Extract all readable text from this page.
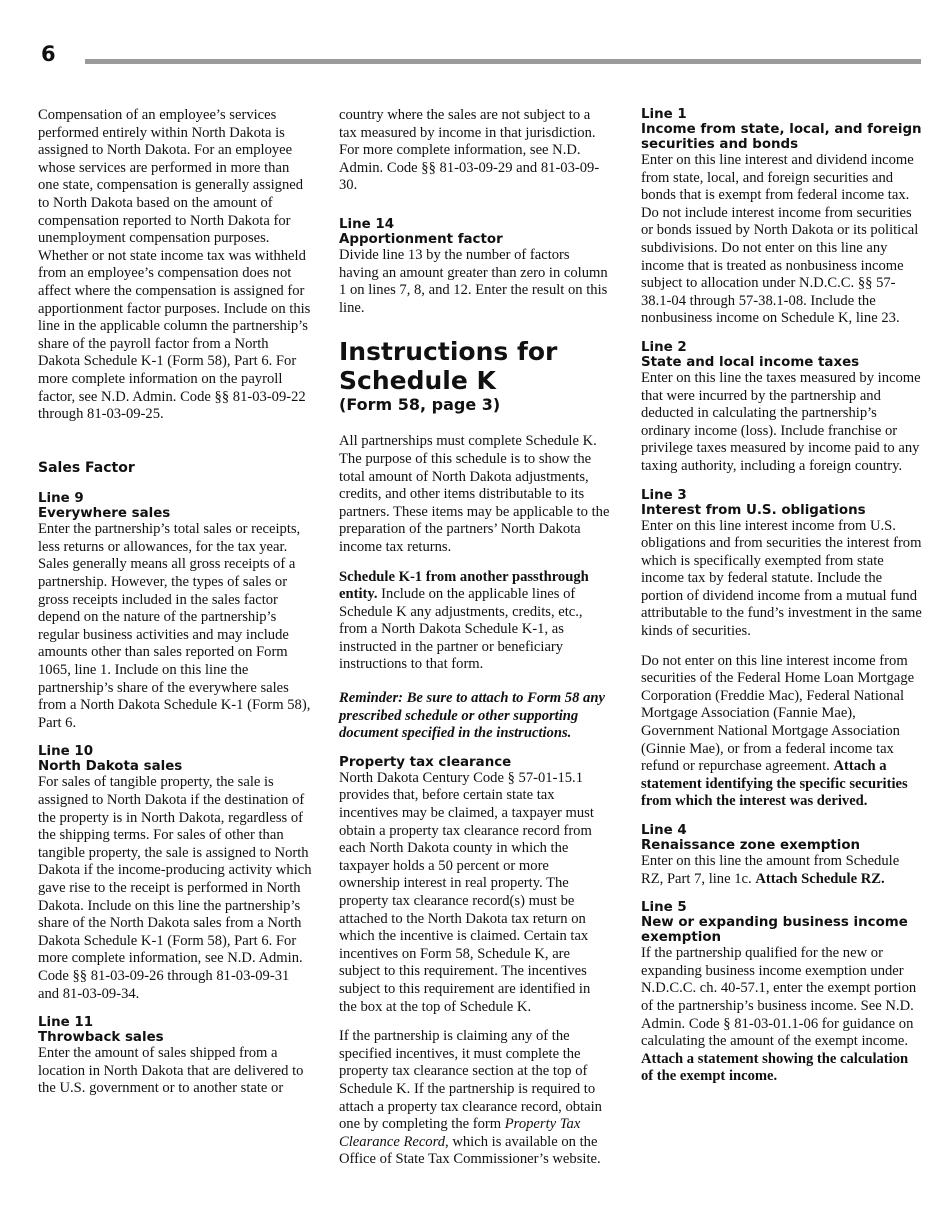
6

Compensation of an employee’s services performed entirely within North Dakota is assigned to North Dakota. For an employee whose services are performed in more than one state, compensation is generally assigned to North Dakota based on the amount of compensation reported to North Dakota for unemployment compensation purposes. Whether or not state income tax was withheld from an employee’s compensation does not affect where the compensation is assigned for apportionment factor purposes. Include on this line in the applicable column the partnership’s share of the payroll factor from a North Dakota Schedule K-1 (Form 58), Part 6. For more complete information on the payroll factor, see N.D. Admin. Code §§ 81-03-09-22 through 81-03-09-25.

Sales Factor
Line 9
Everywhere sales

Enter the partnership’s total sales or receipts, less returns or allowances, for the tax year. Sales generally means all gross receipts of a partnership. However, the types of sales or gross receipts included in the sales factor depend on the nature of the partnership’s regular business activities and may include amounts other than sales reported on Form 1065, line 1. Include on this line the partnership’s share of the everywhere sales from a North Dakota Schedule K-1 (Form 58), Part 6.

Line 10
North Dakota sales

For sales of tangible property, the sale is assigned to North Dakota if the destination of the property is in North Dakota, regardless of the shipping terms. For sales of other than tangible property, the sale is assigned to North Dakota if the income-producing activity which gave rise to the receipt is performed in North Dakota. Include on this line the partnership’s share of the North Dakota sales from a North Dakota Schedule K-1 (Form 58), Part 6. For more complete information, see N.D. Admin. Code §§ 81-03-09-26 through 81-03-09-31 and 81-03-09-34.

Line 11
Throwback sales

Enter the amount of sales shipped from a location in North Dakota that are delivered to the U.S. government or to another state or

country where the sales are not subject to a tax measured by income in that jurisdiction. For more complete information, see N.D. Admin. Code §§ 81-03-09-29 and 81-03-09-30.

Line 14
Apportionment factor

Divide line 13 by the number of factors having an amount greater than zero in column 1 on lines 7, 8, and 12. Enter the result on this line.

Instructions for Schedule K
(Form 58, page 3)

All partnerships must complete Schedule K. The purpose of this schedule is to show the total amount of North Dakota adjustments, credits, and other items distributable to its partners. These items may be applicable to the preparation of the partners’ North Dakota income tax returns.

Schedule K-1 from another passthrough entity. Include on the applicable lines of Schedule K any adjustments, credits, etc., from a North Dakota Schedule K-1, as instructed in the partner or beneficiary instructions to that form.

Reminder: Be sure to attach to Form 58 any prescribed schedule or other supporting document specified in the instructions.

Property tax clearance

North Dakota Century Code § 57-01-15.1 provides that, before certain state tax incentives may be claimed, a taxpayer must obtain a property tax clearance record from each North Dakota county in which the taxpayer holds a 50 percent or more ownership interest in real property. The property tax clearance record(s) must be attached to the North Dakota tax return on which the incentive is claimed. Certain tax incentives on Form 58, Schedule K, are subject to this requirement. The incentives subject to this requirement are identified in the box at the top of Schedule K.

If the partnership is claiming any of the specified incentives, it must complete the property tax clearance section at the top of Schedule K. If the partnership is required to attach a property tax clearance record, obtain one by completing the form Property Tax Clearance Record, which is available on the Office of State Tax Commissioner’s website.

Line 1
Income from state, local, and foreign securities and bonds

Enter on this line interest and dividend income from state, local, and foreign securities and bonds that is exempt from federal income tax. Do not include interest income from securities or bonds issued by North Dakota or its political subdivisions. Do not enter on this line any income that is treated as nonbusiness income subject to allocation under N.D.C.C. §§ 57-38.1-04 through 57-38.1-08. Include the nonbusiness income on Schedule K, line 23.

Line 2
State and local income taxes

Enter on this line the taxes measured by income that were incurred by the partnership and deducted in calculating the partnership’s ordinary income (loss). Include franchise or privilege taxes measured by income paid to any taxing authority, including a foreign country.

Line 3
Interest from U.S. obligations

Enter on this line interest income from U.S. obligations and from securities the interest from which is specifically exempted from state income tax by federal statute. Include the portion of dividend income from a mutual fund attributable to the fund’s investment in the same kinds of securities.

Do not enter on this line interest income from securities of the Federal Home Loan Mortgage Corporation (Freddie Mac), Federal National Mortgage Association (Fannie Mae), Government National Mortgage Association (Ginnie Mae), or from a federal income tax refund or repurchase agreement. Attach a statement identifying the specific securities from which the interest was derived.

Line 4
Renaissance zone exemption

Enter on this line the amount from Schedule RZ, Part 7, line 1c. Attach Schedule RZ.

Line 5
New or expanding business income exemption

If the partnership qualified for the new or expanding business income exemption under N.D.C.C. ch. 40-57.1, enter the exempt portion of the partnership’s business income. See N.D. Admin. Code § 81-03-01.1-06 for guidance on calculating the amount of the exempt income. Attach a statement showing the calculation of the exempt income.
